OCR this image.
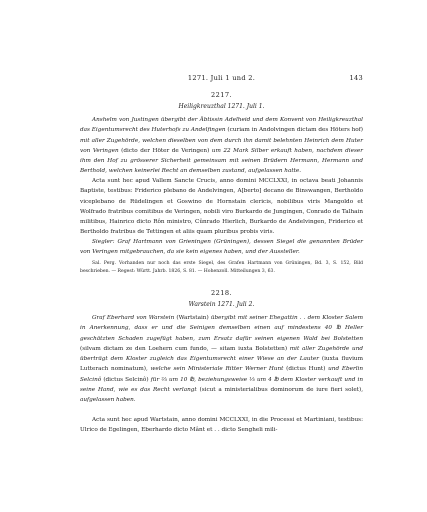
1271. Juli 1 und 2.	143
2217.
Heiligkreuzthal 1271. Juli 1.

Anshelm von Justingen übergibt der Äbtissin Adelheid und dem Konvent von Heiligkreuzthal das Eigentumsrecht des Huterhofs zu Andelfingen (curiam in Andolvingen dictam des Höters hof) mit aller Zugehörde, welchen dieselben von dem durch ihn damit belehnten Heinrich dem Huter von Veringen (dicto der Höter de Veringen) um 22 Mark Silber erkauft haben, nachdem dieser ihm den Hof zu grösserer Sicherheit gemeinsam mit seinen Brüdern Hermann, Hermann und Berthold, welchen keinerlei Recht an demselben zustand, aufgelassen hatte.

Acta sunt hec apud Vallem Sancte Crucis, anno domini MCCLXXI, in octava beati Johannis Baptiste, testibus: Friderico plebano de Andelvingen, A[berto] decano de Binswangen, Bertholdo viceplebano de Rüdelingen et Goswino de Hornstain clericis, nobilibus viris Mangoldo et Wolfrado fratribus comitibus de Veringen, nobili viro Burkardo de Jungingen, Conrado de Talhain militibus, Hainrico dicto Rôn ministro, Cûnrado Hierlich, Burkardo de Andelvingen, Friderico et Bertholdo fratribus de Tettingen et aliis quam pluribus probis viris.

Siegler: Graf Hartmann von Grieningen (Grüningen), dessen Siegel die genannten Brüder von Veringen mitgebrauchen, da sie kein eigenes haben, und der Aussteller.

Sal. Perg. Vorhanden nur noch das erste Siegel, des Grafen Hartmann von Grüningen, Bd. 3, S. 152, Bild beschrieben. — Regest: Württ. Jahrb. 1826, S. 81. — Hohenzoll. Mitteilungen 3, 63.

2218.
Warstein 1271. Juli 2.

Graf Eberhard von Warstein (Wartstain) übergibt mit seiner Ehegattin . . dem Kloster Salem in Anerkennung, dass er und die Seinigen demselben einen auf mindestens 40 ℔ Heller geschätzten Schaden zugefügt haben, zum Ersatz dafür seinen eigenen Wald bei Bolstetten (silvam dictam ze den Loehern cum fundo, — sitam iuxta Bolstetten) mit aller Zugehörde und überträgt dem Kloster zugleich das Eigentumsrecht einer Wiese an der Lauter (iuxta fluvium Lutterach nominatum), welche sein Ministeriale Ritter Werner Hunt (dictus Hunt) und Eberlin Selcinô (dictus Selcinô) für ⅔ um 10 ℔, beziehungsweise ⅓ um 4 ℔ dem Kloster verkauft und in seine Hand, wie es das Recht verlangt (sicut a ministerialibus dominorum de iure fieri solet), aufgelassen haben.

Acta sunt hec apud Wartstain, anno domini MCCLXXI, in die Processi et Martiniani, testibus: Ulrico de Egelingen, Eberhardo dicto Mânt et . . dicto Sengheli mili-
